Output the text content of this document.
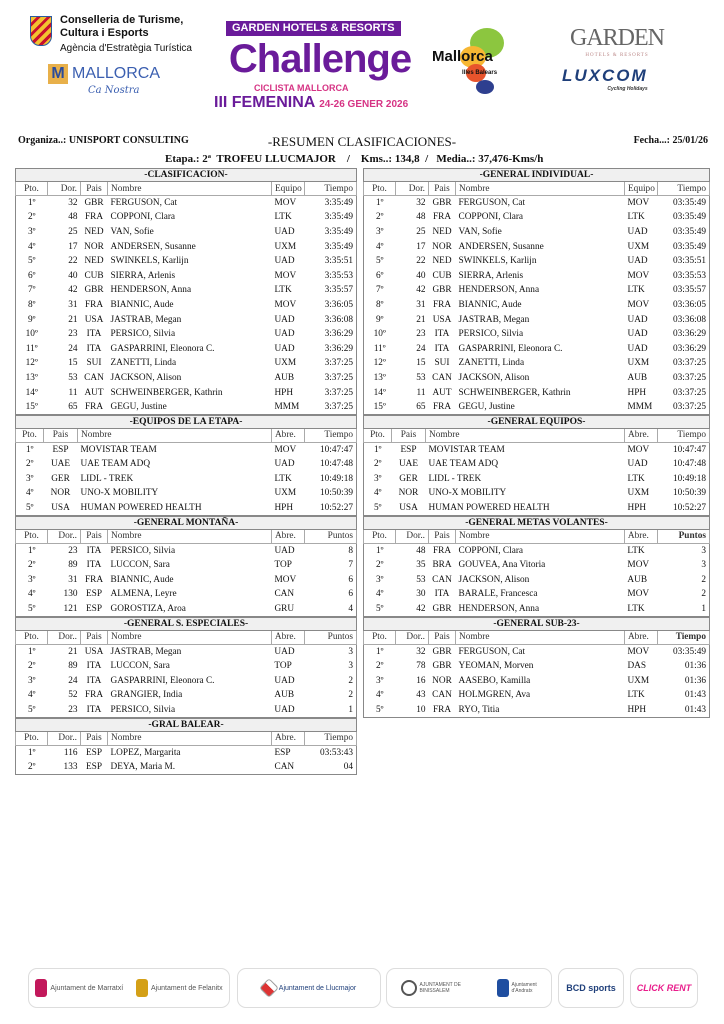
Conselleria de Turisme,
Cultura i Esports
Agència d'Estratègia Turística
M MALLORCA
Ca Nostra
GARDEN HOTELS & RESORTS
Challenge
CICLISTA MALLORCA
III FEMENINA 24-26 GENER 2026
Mallorca
Illes Balears
GARDEN
HOTELS & RESORTS
LUXCOM
Cycling Holidays
Organiza..: UNISPORT CONSULTING	-RESUMEN CLASIFICACIONES-	Fecha...: 25/01/26
Etapa.: 2ª  TROFEU LLUCMAJOR    /    Kms..: 134,8  /   Media..: 37,476-Kms/h
-CLASIFICACION-					
Pto.	Dor.	Pais	Nombre	Equipo	Tiempo
1º	32	GBR	FERGUSON, Cat	MOV	3:35:49
2º	48	FRA	COPPONI, Clara	LTK	3:35:49
3º	25	NED	VAN, Sofie	UAD	3:35:49
4º	17	NOR	ANDERSEN, Susanne	UXM	3:35:49
5º	22	NED	SWINKELS, Karlijn	UAD	3:35:51
6º	40	CUB	SIERRA, Arlenis	MOV	3:35:53
7º	42	GBR	HENDERSON, Anna	LTK	3:35:57
8º	31	FRA	BIANNIC, Aude	MOV	3:36:05
9º	21	USA	JASTRAB, Megan	UAD	3:36:08
10º	23	ITA	PERSICO, Silvia	UAD	3:36:29
11º	24	ITA	GASPARRINI, Eleonora C.	UAD	3:36:29
12º	15	SUI	ZANETTI, Linda	UXM	3:37:25
13º	53	CAN	JACKSON, Alison	AUB	3:37:25
14º	11	AUT	SCHWEINBERGER, Kathrin	HPH	3:37:25
15º	65	FRA	GEGU, Justine	MMM	3:37:25
-EQUIPOS DE LA ETAPA-				
Pto.	Pais	Nombre	Abre.	Tiempo
1º	ESP	MOVISTAR TEAM	MOV	10:47:47
2º	UAE	UAE TEAM ADQ	UAD	10:47:48
3º	GER	LIDL - TREK	LTK	10:49:18
4º	NOR	UNO-X MOBILITY	UXM	10:50:39
5º	USA	HUMAN POWERED HEALTH	HPH	10:52:27
-GENERAL MONTAÑA-					
Pto.	Dor..	Pais	Nombre	Abre.	Puntos
1º	23	ITA	PERSICO, Silvia	UAD	8
2º	89	ITA	LUCCON, Sara	TOP	7
3º	31	FRA	BIANNIC, Aude	MOV	6
4º	130	ESP	ALMENA, Leyre	CAN	6
5º	121	ESP	GOROSTIZA, Aroa	GRU	4
-GENERAL S. ESPECIALES-					
Pto.	Dor..	Pais	Nombre	Abre.	Puntos
1º	21	USA	JASTRAB, Megan	UAD	3
2º	89	ITA	LUCCON, Sara	TOP	3
3º	24	ITA	GASPARRINI, Eleonora C.	UAD	2
4º	52	FRA	GRANGIER, India	AUB	2
5º	23	ITA	PERSICO, Silvia	UAD	1
-GRAL BALEAR-					
Pto.	Dor..	Pais	Nombre	Abre.	Tiempo
1º	116	ESP	LOPEZ, Margarita	ESP	03:53:43
2º	133	ESP	DEYA, Maria M.	CAN	04
-GENERAL INDIVIDUAL-					
Pto.	Dor.	Pais	Nombre	Equipo	Tiempo
1º	32	GBR	FERGUSON, Cat	MOV	03:35:49
2º	48	FRA	COPPONI, Clara	LTK	03:35:49
3º	25	NED	VAN, Sofie	UAD	03:35:49
4º	17	NOR	ANDERSEN, Susanne	UXM	03:35:49
5º	22	NED	SWINKELS, Karlijn	UAD	03:35:51
6º	40	CUB	SIERRA, Arlenis	MOV	03:35:53
7º	42	GBR	HENDERSON, Anna	LTK	03:35:57
8º	31	FRA	BIANNIC, Aude	MOV	03:36:05
9º	21	USA	JASTRAB, Megan	UAD	03:36:08
10º	23	ITA	PERSICO, Silvia	UAD	03:36:29
11º	24	ITA	GASPARRINI, Eleonora C.	UAD	03:36:29
12º	15	SUI	ZANETTI, Linda	UXM	03:37:25
13º	53	CAN	JACKSON, Alison	AUB	03:37:25
14º	11	AUT	SCHWEINBERGER, Kathrin	HPH	03:37:25
15º	65	FRA	GEGU, Justine	MMM	03:37:25
-GENERAL EQUIPOS-				
Pto.	Pais	Nombre	Abre.	Tiempo
1º	ESP	MOVISTAR TEAM	MOV	10:47:47
2º	UAE	UAE TEAM ADQ	UAD	10:47:48
3º	GER	LIDL - TREK	LTK	10:49:18
4º	NOR	UNO-X MOBILITY	UXM	10:50:39
5º	USA	HUMAN POWERED HEALTH	HPH	10:52:27
-GENERAL METAS VOLANTES-					
Pto.	Dor..	Pais	Nombre	Abre.	Puntos
1º	48	FRA	COPPONI, Clara	LTK	3
2º	35	BRA	GOUVEA, Ana Vitoria	MOV	3
3º	53	CAN	JACKSON, Alison	AUB	2
4º	30	ITA	BARALE, Francesca	MOV	2
5º	42	GBR	HENDERSON, Anna	LTK	1
-GENERAL SUB-23-					
Pto.	Dor..	Pais	Nombre	Abre.	Tiempo
1º	32	GBR	FERGUSON, Cat	MOV	03:35:49
2º	78	GBR	YEOMAN, Morven	DAS	01:36
3º	16	NOR	AASEBO, Kamilla	UXM	01:36
4º	43	CAN	HOLMGREN, Ava	LTK	01:43
5º	10	FRA	RYO, Titia	HPH	01:43
Ajuntament de Marratxí	Ajuntament de Felanitx	Ajuntament de Llucmajor	AJUNTAMENT DE BINISSALEM
Ajuntament d'Andratx	BCD sports CLICK RENT
